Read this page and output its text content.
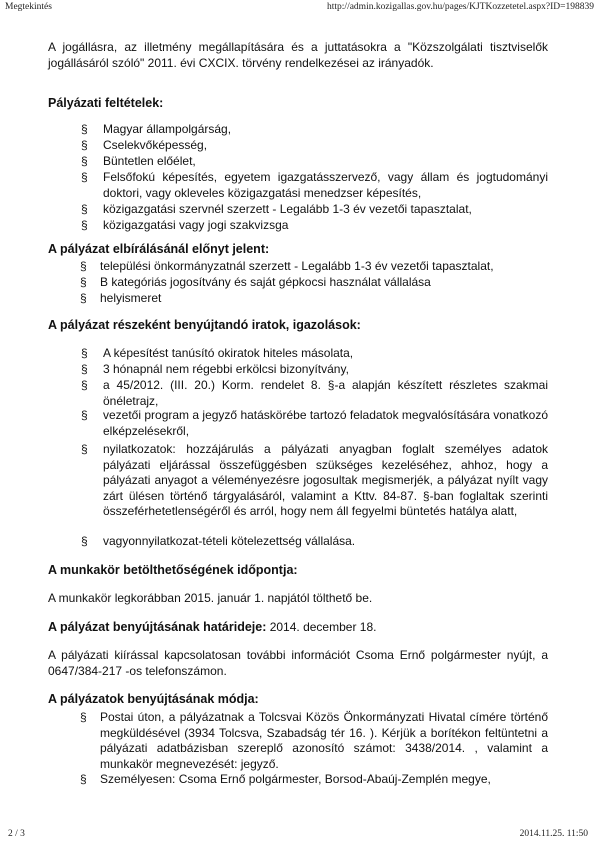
Megtekintés	http://admin.kozigallas.gov.hu/pages/KJTKozzetetel.aspx?ID=198839

A jogállásra, az illetmény megállapítására és a juttatásokra a "Közszolgálati tisztviselők jogállásáról szóló" 2011. évi CXCIX. törvény rendelkezései az irányadók.

Pályázati feltételek:

§ Magyar állampolgárság,
§ Cselekvőképesség,
§ Büntetlen előélet,
§ Felsőfokú képesítés, egyetem igazgatásszervező, vagy állam és jogtudományi doktori, vagy okleveles közigazgatási menedzser képesítés,
§ közigazgatási szervnél szerzett - Legalább 1-3 év vezetői tapasztalat,
§ közigazgatási vagy jogi szakvizsga

A pályázat elbírálásánál előnyt jelent:

§ települési önkormányzatnál szerzett - Legalább 1-3 év vezetői tapasztalat,
§ B kategóriás jogosítvány és saját gépkocsi használat vállalása
§ helyismeret

A pályázat részeként benyújtandó iratok, igazolások:

§ A képesítést tanúsító okiratok hiteles másolata,
§ 3 hónapnál nem régebbi erkölcsi bizonyítvány,
§ a 45/2012. (III. 20.) Korm. rendelet 8. §-a alapján készített részletes szakmai önéletrajz,
§ vezetői program a jegyző hatáskörébe tartozó feladatok megvalósítására vonatkozó elképzelésekről,
§ nyilatkozatok: hozzájárulás a pályázati anyagban foglalt személyes adatok pályázati eljárással összefüggésben szükséges kezeléséhez, ahhoz, hogy a pályázati anyagot a véleményezésre jogosultak megismerjék, a pályázat nyílt vagy zárt ülésen történő tárgyalásáról, valamint a Kttv. 84-87. §-ban foglaltak szerinti összeférhetetlenségéről és arról, hogy nem áll fegyelmi büntetés hatálya alatt,
§ vagyonnyilatkozat-tételi kötelezettség vállalása.

A munkakör betölthetőségének időpontja:

A munkakör legkorábban 2015. január 1. napjától tölthető be.

A pályázat benyújtásának határideje: 2014. december 18.

A pályázati kiírással kapcsolatosan további információt Csoma Ernő polgármester nyújt, a 0647/384-217 -os telefonszámon.

A pályázatok benyújtásának módja:

§ Postai úton, a pályázatnak a Tolcsvai Közös Önkormányzati Hivatal címére történő megküldésével (3934 Tolcsva, Szabadság tér 16. ). Kérjük a borítékon feltüntetni a pályázati adatbázisban szereplő azonosító számot: 3438/2014. , valamint a munkakör megnevezését: jegyző.
§ Személyesen: Csoma Ernő polgármester, Borsod-Abaúj-Zemplén megye,
2 / 3	2014.11.25. 11:50
